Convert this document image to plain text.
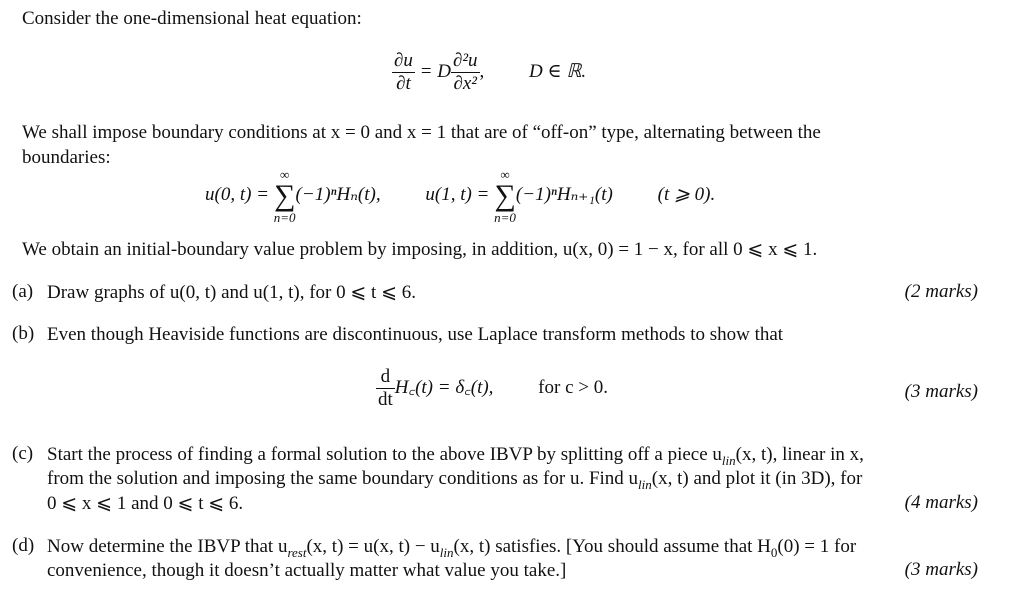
Consider the one-dimensional heat equation:
$\frac{\partial u}{\partial t} = D \frac{\text{∂²u}}{\text{∂x²}}$ , D ∈ ℝ.
We shall impose boundary conditions at x = 0 and x = 1 that are of “off-on” type, alternating between the
boundaries:
u(0, t) =
∞
∑
n=0
(−1)ⁿHₙ(t), u(1, t) =
∞
∑
n=0
(−1)ⁿHₙ₊₁(t) (t ⩾ 0).
We obtain an initial-boundary value problem by imposing, in addition, u(x, 0) = 1 − x, for all 0 ⩽ x ⩽ 1.
(a) Draw graphs of u(0, t) and u(1, t), for 0 ⩽ t ⩽ 6.	(2 marks)
(b) Even though Heaviside functions are discontinuous, use Laplace transform methods to show that
$\frac{d}{dt}$ H꜀(t) = δ꜀(t), for c > 0.	(3 marks)
(c) Start the process of finding a formal solution to the above IBVP by splitting off a piece $u_{lin}(x$, t), linear in x,
from the solution and imposing the same boundary conditions as for u. Find $u_{lin}(x$, t) and plot it (in 3D), for
0 ⩽ x ⩽ 1 and 0 ⩽ t ⩽ 6.	(4 marks)
(d) Now determine the IBVP that $u_{rest}(x$, t) = u(x, $t) - u_{lin}(x$, t) satisfies. [You should assume that $H_0(0) = 1$ for
convenience, though it doesn’t actually matter what value you take.]	(3 marks)
